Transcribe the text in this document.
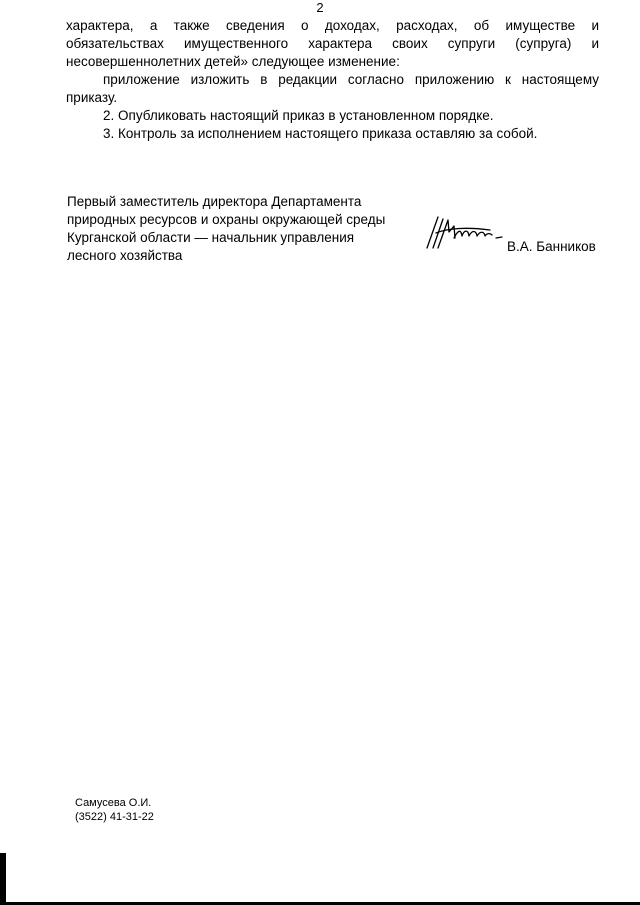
2

характера, а также сведения о доходах, расходах, об имуществе и

обязательствах имущественного характера своих супруги (супруга) и

несовершеннолетних детей» следующее изменение:

приложение изложить в редакции согласно приложению к настоящему

приказу.

2. Опубликовать настоящий приказ в установленном порядке.

3. Контроль за исполнением настоящего приказа оставляю за собой.

Первый заместитель директора Департамента
природных ресурсов и охраны окружающей среды
Курганской области — начальник управления
лесного хозяйства
В.А. Банников
Самусева О.И.
(3522) 41-31-22
